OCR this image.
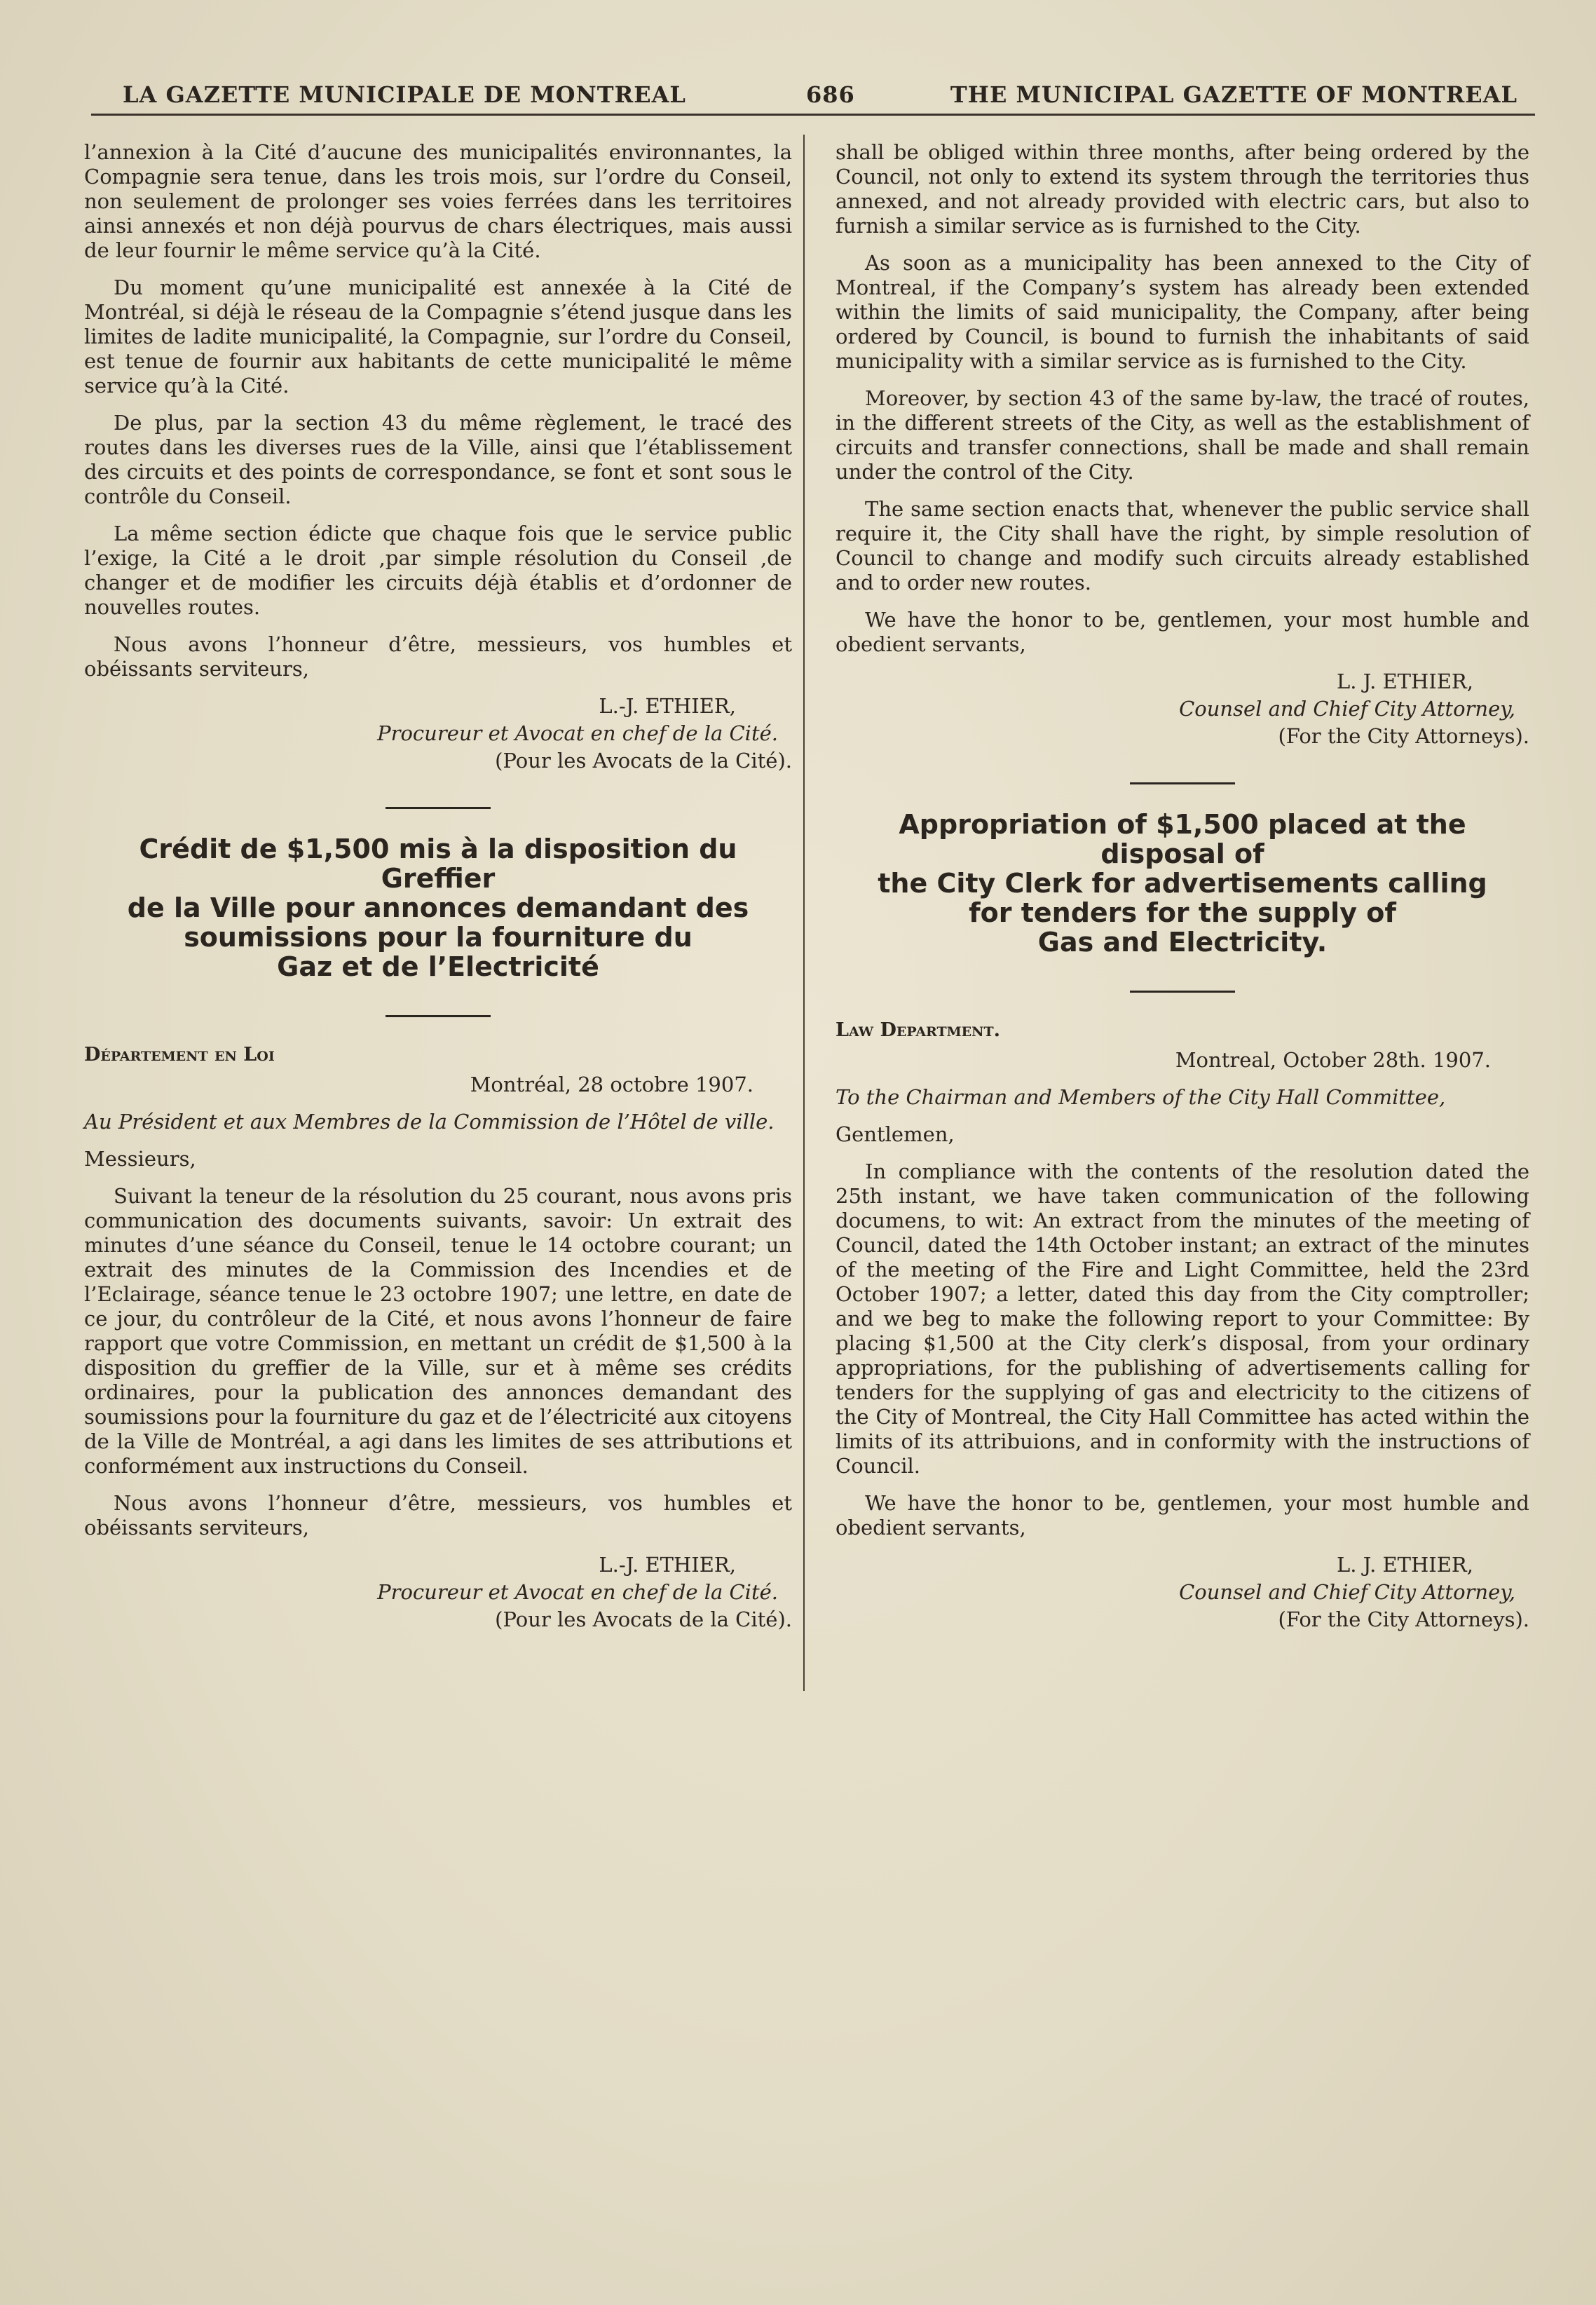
LA GAZETTE MUNICIPALE DE MONTREAL	686	THE MUNICIPAL GAZETTE OF MONTREAL

l’annexion à la Cité d’aucune des municipalités environnantes, la Compagnie sera tenue, dans les trois mois, sur l’ordre du Conseil, non seulement de prolonger ses voies ferrées dans les territoires ainsi annexés et non déjà pourvus de chars électriques, mais aussi de leur fournir le même service qu’à la Cité.

Du moment qu’une municipalité est annexée à la Cité de Montréal, si déjà le réseau de la Compagnie s’étend jusque dans les limites de ladite municipalité, la Compagnie, sur l’ordre du Conseil, est tenue de fournir aux habitants de cette municipalité le même service qu’à la Cité.

De plus, par la section 43 du même règlement, le tracé des routes dans les diverses rues de la Ville, ainsi que l’établissement des circuits et des points de correspondance, se font et sont sous le contrôle du Conseil.

La même section édicte que chaque fois que le service public l’exige, la Cité a le droit ,par simple résolution du Conseil ,de changer et de modifier les circuits déjà établis et d’ordonner de nouvelles routes.

Nous avons l’honneur d’être, messieurs, vos humbles et obéissants serviteurs,

L.-J. ETHIER,
Procureur et Avocat en chef de la Cité.
(Pour les Avocats de la Cité).
Crédit de $1,500 mis à la disposition du Greffier
de la Ville pour annonces demandant des
soumissions pour la fourniture du
Gaz et de l’Electricité
Département en Loi
Montréal, 28 octobre 1907.
Au Président et aux Membres de la Commission de l’Hôtel de ville.
Messieurs,

Suivant la teneur de la résolution du 25 courant, nous avons pris communication des documents suivants, savoir: Un extrait des minutes d’une séance du Conseil, tenue le 14 octobre courant; un extrait des minutes de la Commission des Incendies et de l’Eclairage, séance tenue le 23 octobre 1907; une lettre, en date de ce jour, du contrôleur de la Cité, et nous avons l’honneur de faire rapport que votre Commission, en mettant un crédit de $1,500 à la disposition du greffier de la Ville, sur et à même ses crédits ordinaires, pour la publication des annonces demandant des soumissions pour la fourniture du gaz et de l’électricité aux citoyens de la Ville de Montréal, a agi dans les limites de ses attributions et conformément aux instructions du Conseil.

Nous avons l’honneur d’être, messieurs, vos humbles et obéissants serviteurs,

L.-J. ETHIER,
Procureur et Avocat en chef de la Cité.
(Pour les Avocats de la Cité).

shall be obliged within three months, after being ordered by the Council, not only to extend its system through the territories thus annexed, and not already provided with electric cars, but also to furnish a similar service as is furnished to the City.

As soon as a municipality has been annexed to the City of Montreal, if the Company’s system has already been extended within the limits of said municipality, the Company, after being ordered by Council, is bound to furnish the inhabitants of said municipality with a similar service as is furnished to the City.

Moreover, by section 43 of the same by-law, the tracé of routes, in the different streets of the City, as well as the establishment of circuits and transfer connections, shall be made and shall remain under the control of the City.

The same section enacts that, whenever the public service shall require it, the City shall have the right, by simple resolution of Council to change and modify such circuits already established and to order new routes.

We have the honor to be, gentlemen, your most humble and obedient servants,

L. J. ETHIER,
Counsel and Chief City Attorney,
(For the City Attorneys).
Appropriation of $1,500 placed at the disposal of
the City Clerk for advertisements calling
for tenders for the supply of
Gas and Electricity.
Law Department.
Montreal, October 28th. 1907.
To the Chairman and Members of the City Hall Committee,
Gentlemen,

In compliance with the contents of the resolution dated the 25th instant, we have taken communication of the following documens, to wit: An extract from the minutes of the meeting of Council, dated the 14th October instant; an extract of the minutes of the meeting of the Fire and Light Committee, held the 23rd October 1907; a letter, dated this day from the City comptroller; and we beg to make the following report to your Committee: By placing $1,500 at the City clerk’s disposal, from your ordinary appropriations, for the publishing of advertisements calling for tenders for the supplying of gas and electricity to the citizens of the City of Montreal, the City Hall Committee has acted within the limits of its attribuions, and in conformity with the instructions of Council.

We have the honor to be, gentlemen, your most humble and obedient servants,

L. J. ETHIER,
Counsel and Chief City Attorney,
(For the City Attorneys).
